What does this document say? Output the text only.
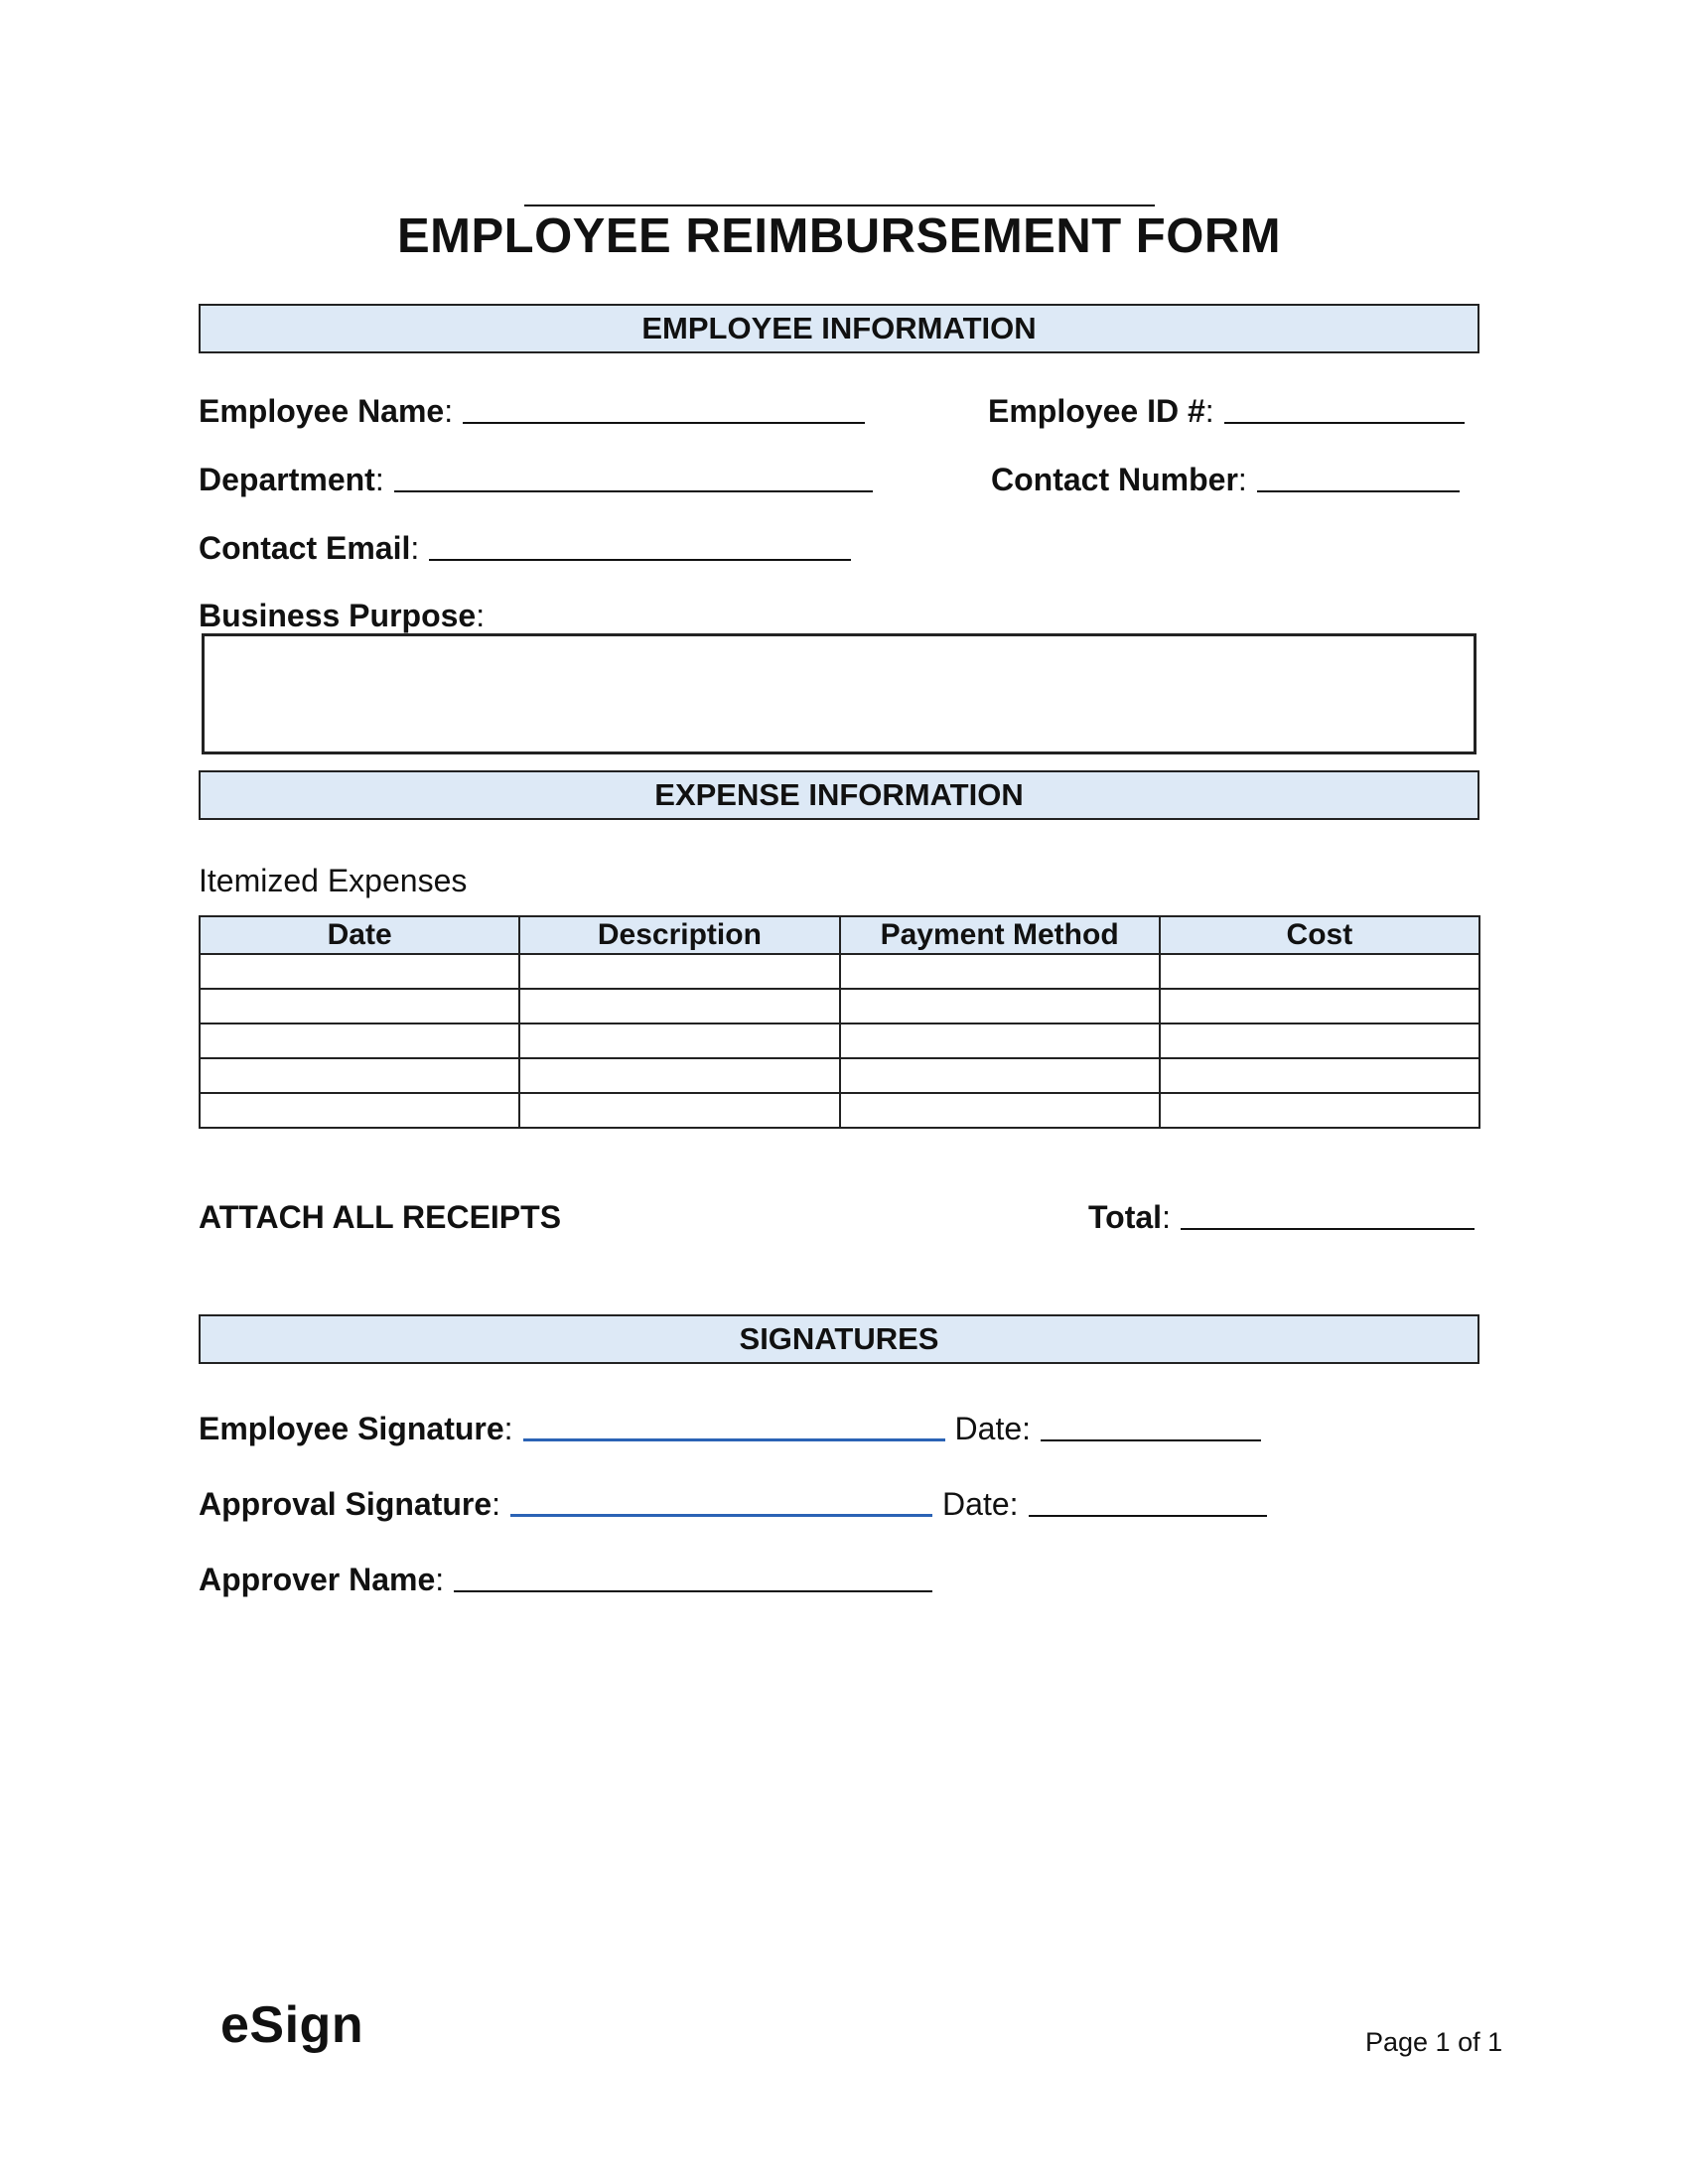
EMPLOYEE REIMBURSEMENT FORM
EMPLOYEE INFORMATION
Employee Name :	Employee ID # :
Department :	Contact Number :
Contact Email :
Business Purpose :
EXPENSE INFORMATION
Itemized Expenses
Date	Description	Payment Method	Cost

ATTACH ALL RECEIPTS	Total :
SIGNATURES
Employee Signature :	Date:
Approval Signature :	Date:
Approver Name :
eSign	Page 1 of 1
